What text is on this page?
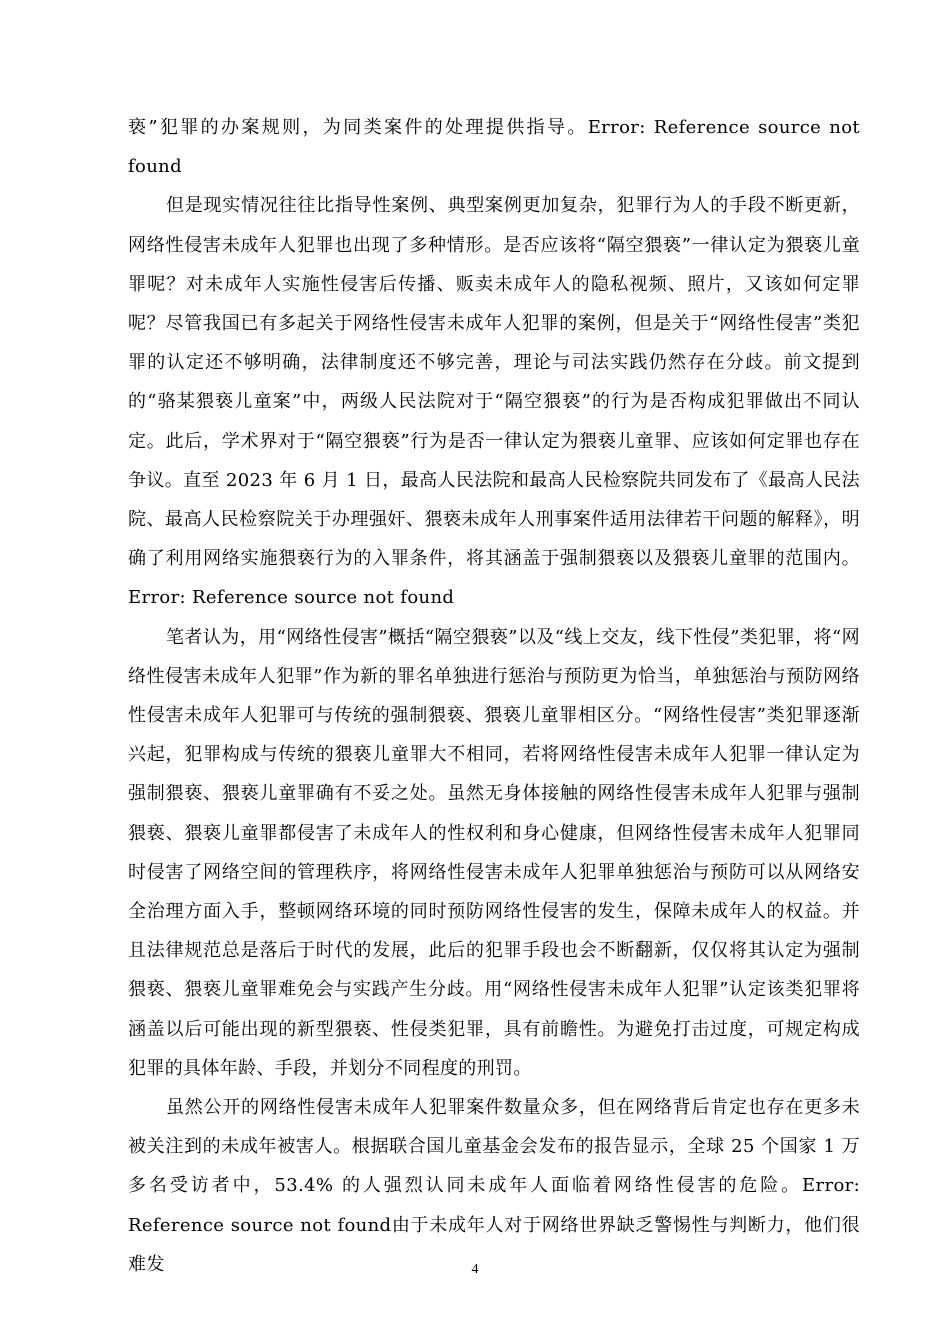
亵”犯罪的办案规则，为同类案件的处理提供指导。Error: Reference source not found

但是现实情况往往比指导性案例、典型案例更加复杂，犯罪行为人的手段不断更新，网络性侵害未成年人犯罪也出现了多种情形。是否应该将“隔空猥亵”一律认定为猥亵儿童罪呢？对未成年人实施性侵害后传播、贩卖未成年人的隐私视频、照片，又该如何定罪呢？尽管我国已有多起关于网络性侵害未成年人犯罪的案例，但是关于“网络性侵害”类犯罪的认定还不够明确，法律制度还不够完善，理论与司法实践仍然存在分歧。前文提到的“骆某猥亵儿童案”中，两级人民法院对于“隔空猥亵”的行为是否构成犯罪做出不同认定。此后，学术界对于“隔空猥亵”行为是否一律认定为猥亵儿童罪、应该如何定罪也存在争议。直至 2023 年 6 月 1 日，最高人民法院和最高人民检察院共同发布了《最高人民法院、最高人民检察院关于办理强奸、猥亵未成年人刑事案件适用法律若干问题的解释》，明确了利用网络实施猥亵行为的入罪条件，将其涵盖于强制猥亵以及猥亵儿童罪的范围内。Error: Reference source not found

笔者认为，用“网络性侵害”概括“隔空猥亵”以及“线上交友，线下性侵”类犯罪，将“网络性侵害未成年人犯罪”作为新的罪名单独进行惩治与预防更为恰当，单独惩治与预防网络性侵害未成年人犯罪可与传统的强制猥亵、猥亵儿童罪相区分。“网络性侵害”类犯罪逐渐兴起，犯罪构成与传统的猥亵儿童罪大不相同，若将网络性侵害未成年人犯罪一律认定为强制猥亵、猥亵儿童罪确有不妥之处。虽然无身体接触的网络性侵害未成年人犯罪与强制猥亵、猥亵儿童罪都侵害了未成年人的性权利和身心健康，但网络性侵害未成年人犯罪同时侵害了网络空间的管理秩序，将网络性侵害未成年人犯罪单独惩治与预防可以从网络安全治理方面入手，整顿网络环境的同时预防网络性侵害的发生，保障未成年人的权益。并且法律规范总是落后于时代的发展，此后的犯罪手段也会不断翻新，仅仅将其认定为强制猥亵、猥亵儿童罪难免会与实践产生分歧。用“网络性侵害未成年人犯罪”认定该类犯罪将涵盖以后可能出现的新型猥亵、性侵类犯罪，具有前瞻性。为避免打击过度，可规定构成犯罪的具体年龄、手段，并划分不同程度的刑罚。

虽然公开的网络性侵害未成年人犯罪案件数量众多，但在网络背后肯定也存在更多未被关注到的未成年被害人。根据联合国儿童基金会发布的报告显示，全球 25 个国家 1 万多名受访者中，53.4% 的人强烈认同未成年人面临着网络性侵害的危险。Error: Reference source not found由于未成年人对于网络世界缺乏警惕性与判断力，他们很难发	4
